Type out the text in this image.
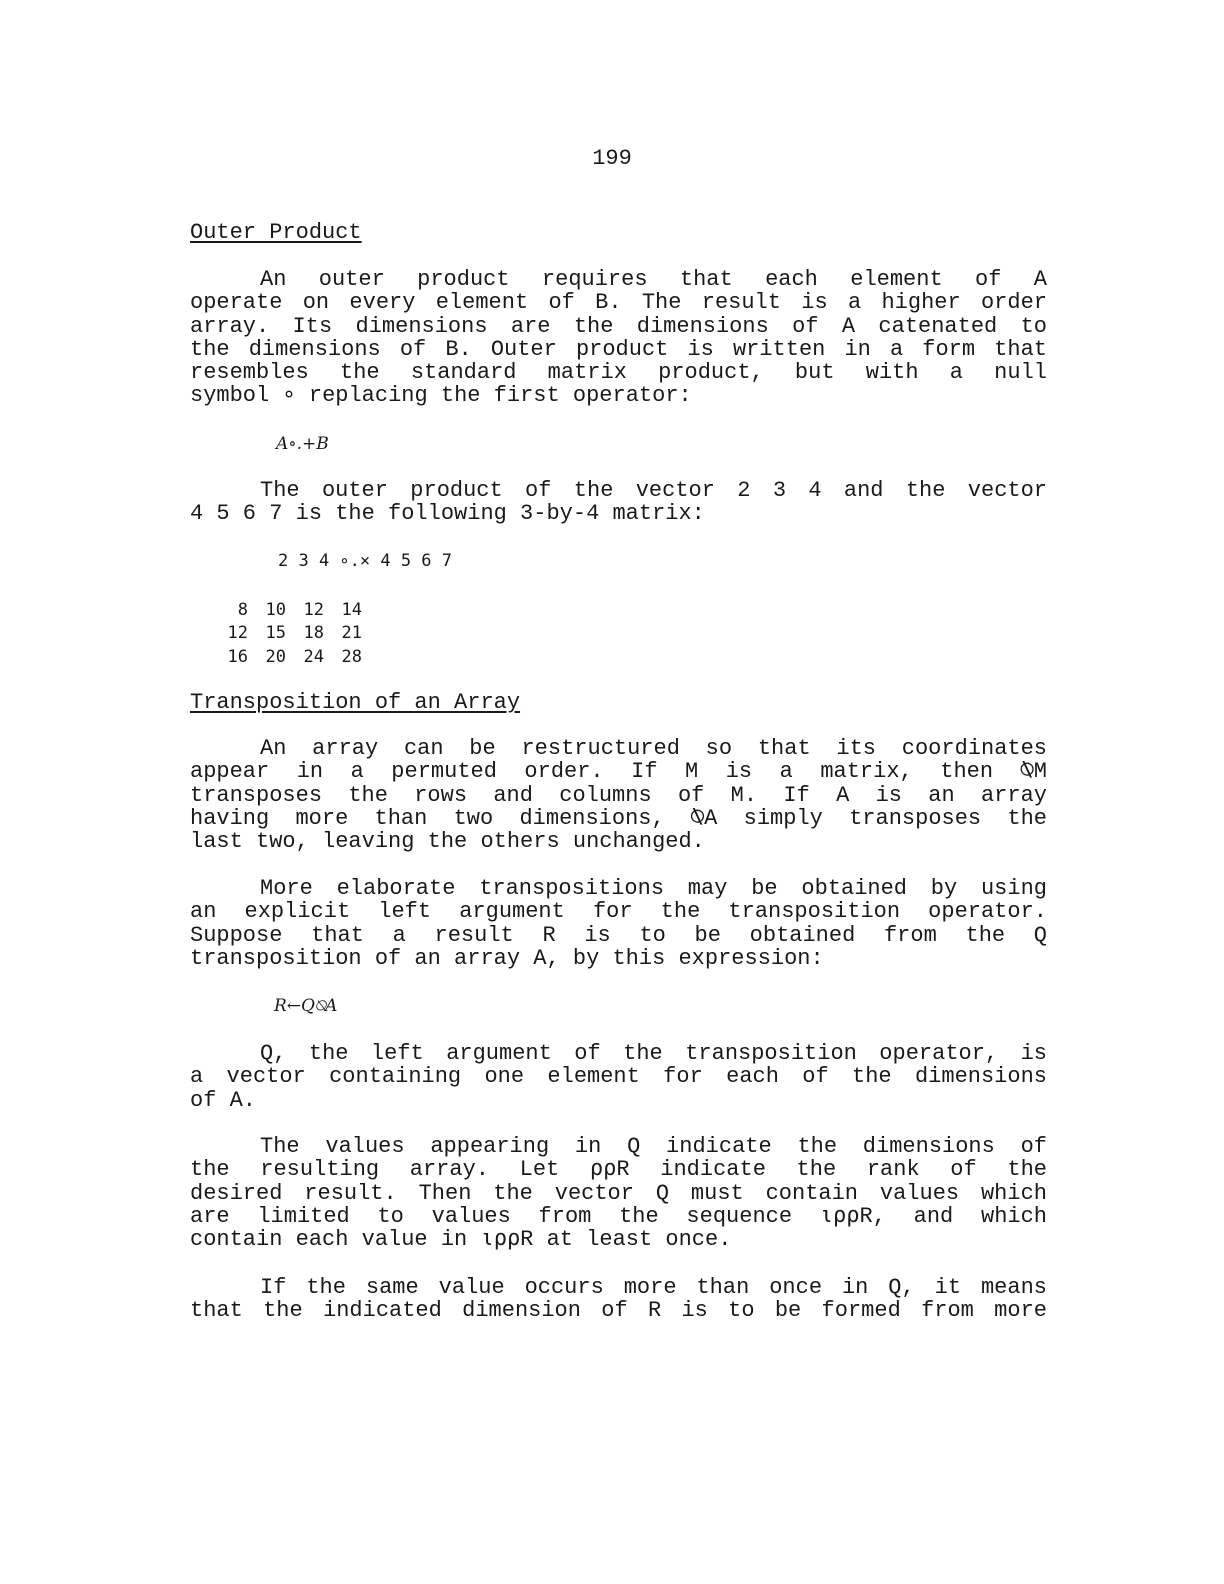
199
Outer Product
An outer product requires that each element of A
operate on every element of B. The result is a higher order
array. Its dimensions are the dimensions of A catenated to
the dimensions of B. Outer product is written in a form that
resembles the standard matrix product, but with a null
symbol ∘ replacing the first operator:
A∘.+B
The outer product of the vector 2 3 4 and the vector
4 5 6 7 is the following 3-by-4 matrix:
2 3 4 ∘.× 4 5 6 7
8	10	12	14
12	15	18	21
16	20	24	28
Transposition of an Array
An array can be restructured so that its coordinates
appear in a permuted order. If M is a matrix, then ⍉M
transposes the rows and columns of M. If A is an array
having more than two dimensions, ⍉A simply transposes the
last two, leaving the others unchanged.
More elaborate transpositions may be obtained by using
an explicit left argument for the transposition operator.
Suppose that a result R is to be obtained from the Q
transposition of an array A, by this expression:
R←Q⍉A
Q, the left argument of the transposition operator, is
a vector containing one element for each of the dimensions
of A.
The values appearing in Q indicate the dimensions of
the resulting array. Let ⍴⍴R indicate the rank of the
desired result. Then the vector Q must contain values which
are limited to values from the sequence ⍳⍴⍴R, and which
contain each value in ⍳⍴⍴R at least once.
If the same value occurs more than once in Q, it means
that the indicated dimension of R is to be formed from more
